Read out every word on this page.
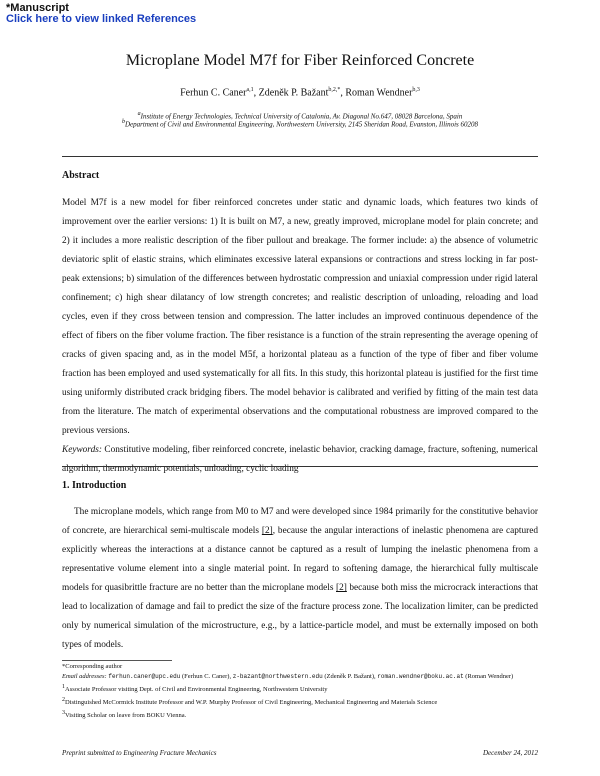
*Manuscript
Click here to view linked References
Microplane Model M7f for Fiber Reinforced Concrete
Ferhun C. Caner$^{a,1}$, Zdeněk P. Bažant$^{b,2,*}$, Roman Wendner$^{b,3}$
$^a$Institute of Energy Technologies, Technical University of Catalonia, Av. Diagonal No.647, 08028 Barcelona, Spain
$^b$Department of Civil and Environmental Engineering, Northwestern University, 2145 Sheridan Road, Evanston, Illinois 60208
Abstract
Model M7f is a new model for fiber reinforced concretes under static and dynamic loads, which features two kinds of improvement over the earlier versions: 1) It is built on M7, a new, greatly improved, microplane model for plain concrete; and 2) it includes a more realistic description of the fiber pullout and breakage. The former include: a) the absence of volumetric deviatoric split of elastic strains, which eliminates excessive lateral expansions or contractions and stress locking in far post-peak extensions; b) simulation of the differences between hydrostatic compression and uniaxial compression under rigid lateral confinement; c) high shear dilatancy of low strength concretes; and realistic description of unloading, reloading and load cycles, even if they cross between tension and compression. The latter includes an improved continuous dependence of the effect of fibers on the fiber volume fraction. The fiber resistance is a function of the strain representing the average opening of cracks of given spacing and, as in the model M5f, a horizontal plateau as a function of the type of fiber and fiber volume fraction has been employed and used systematically for all fits. In this study, this horizontal plateau is justified for the first time using uniformly distributed crack bridging fibers. The model behavior is calibrated and verified by fitting of the main test data from the literature. The match of experimental observations and the computational robustness are improved compared to the previous versions.
Keywords: Constitutive modeling, fiber reinforced concrete, inelastic behavior, cracking damage, fracture, softening, numerical algorithm, thermodynamic potentials, unloading, cyclic loading
1. Introduction
The microplane models, which range from M0 to M7 and were developed since 1984 primarily for the constitutive behavior of concrete, are hierarchical semi-multiscale models [2], because the angular interactions of inelastic phenomena are captured explicitly whereas the interactions at a distance cannot be captured as a result of lumping the inelastic phenomena from a representative volume element into a single material point. In regard to softening damage, the hierarchical fully multiscale models for quasibrittle fracture are no better than the microplane models [2] because both miss the microcrack interactions that lead to localization of damage and fail to predict the size of the fracture process zone. The localization limiter, can be predicted only by numerical simulation of the microstructure, e.g., by a lattice-particle model, and must be externally imposed on both types of models.
*Corresponding author
Email addresses: ferhun.caner@upc.edu (Ferhun C. Caner), z-bazant@northwestern.edu (Zdeněk P. Bažant), roman.wendner@boku.ac.at (Roman Wendner)
$^1$Associate Professor visiting Dept. of Civil and Environmental Engineering, Northwestern University
$^2$Distinguished McCormick Institute Professor and W.P. Murphy Professor of Civil Engineering, Mechanical Engineering and Materials Science
$^3$Visiting Scholar on leave from BOKU Vienna.
Preprint submitted to Engineering Fracture Mechanics	December 24, 2012
